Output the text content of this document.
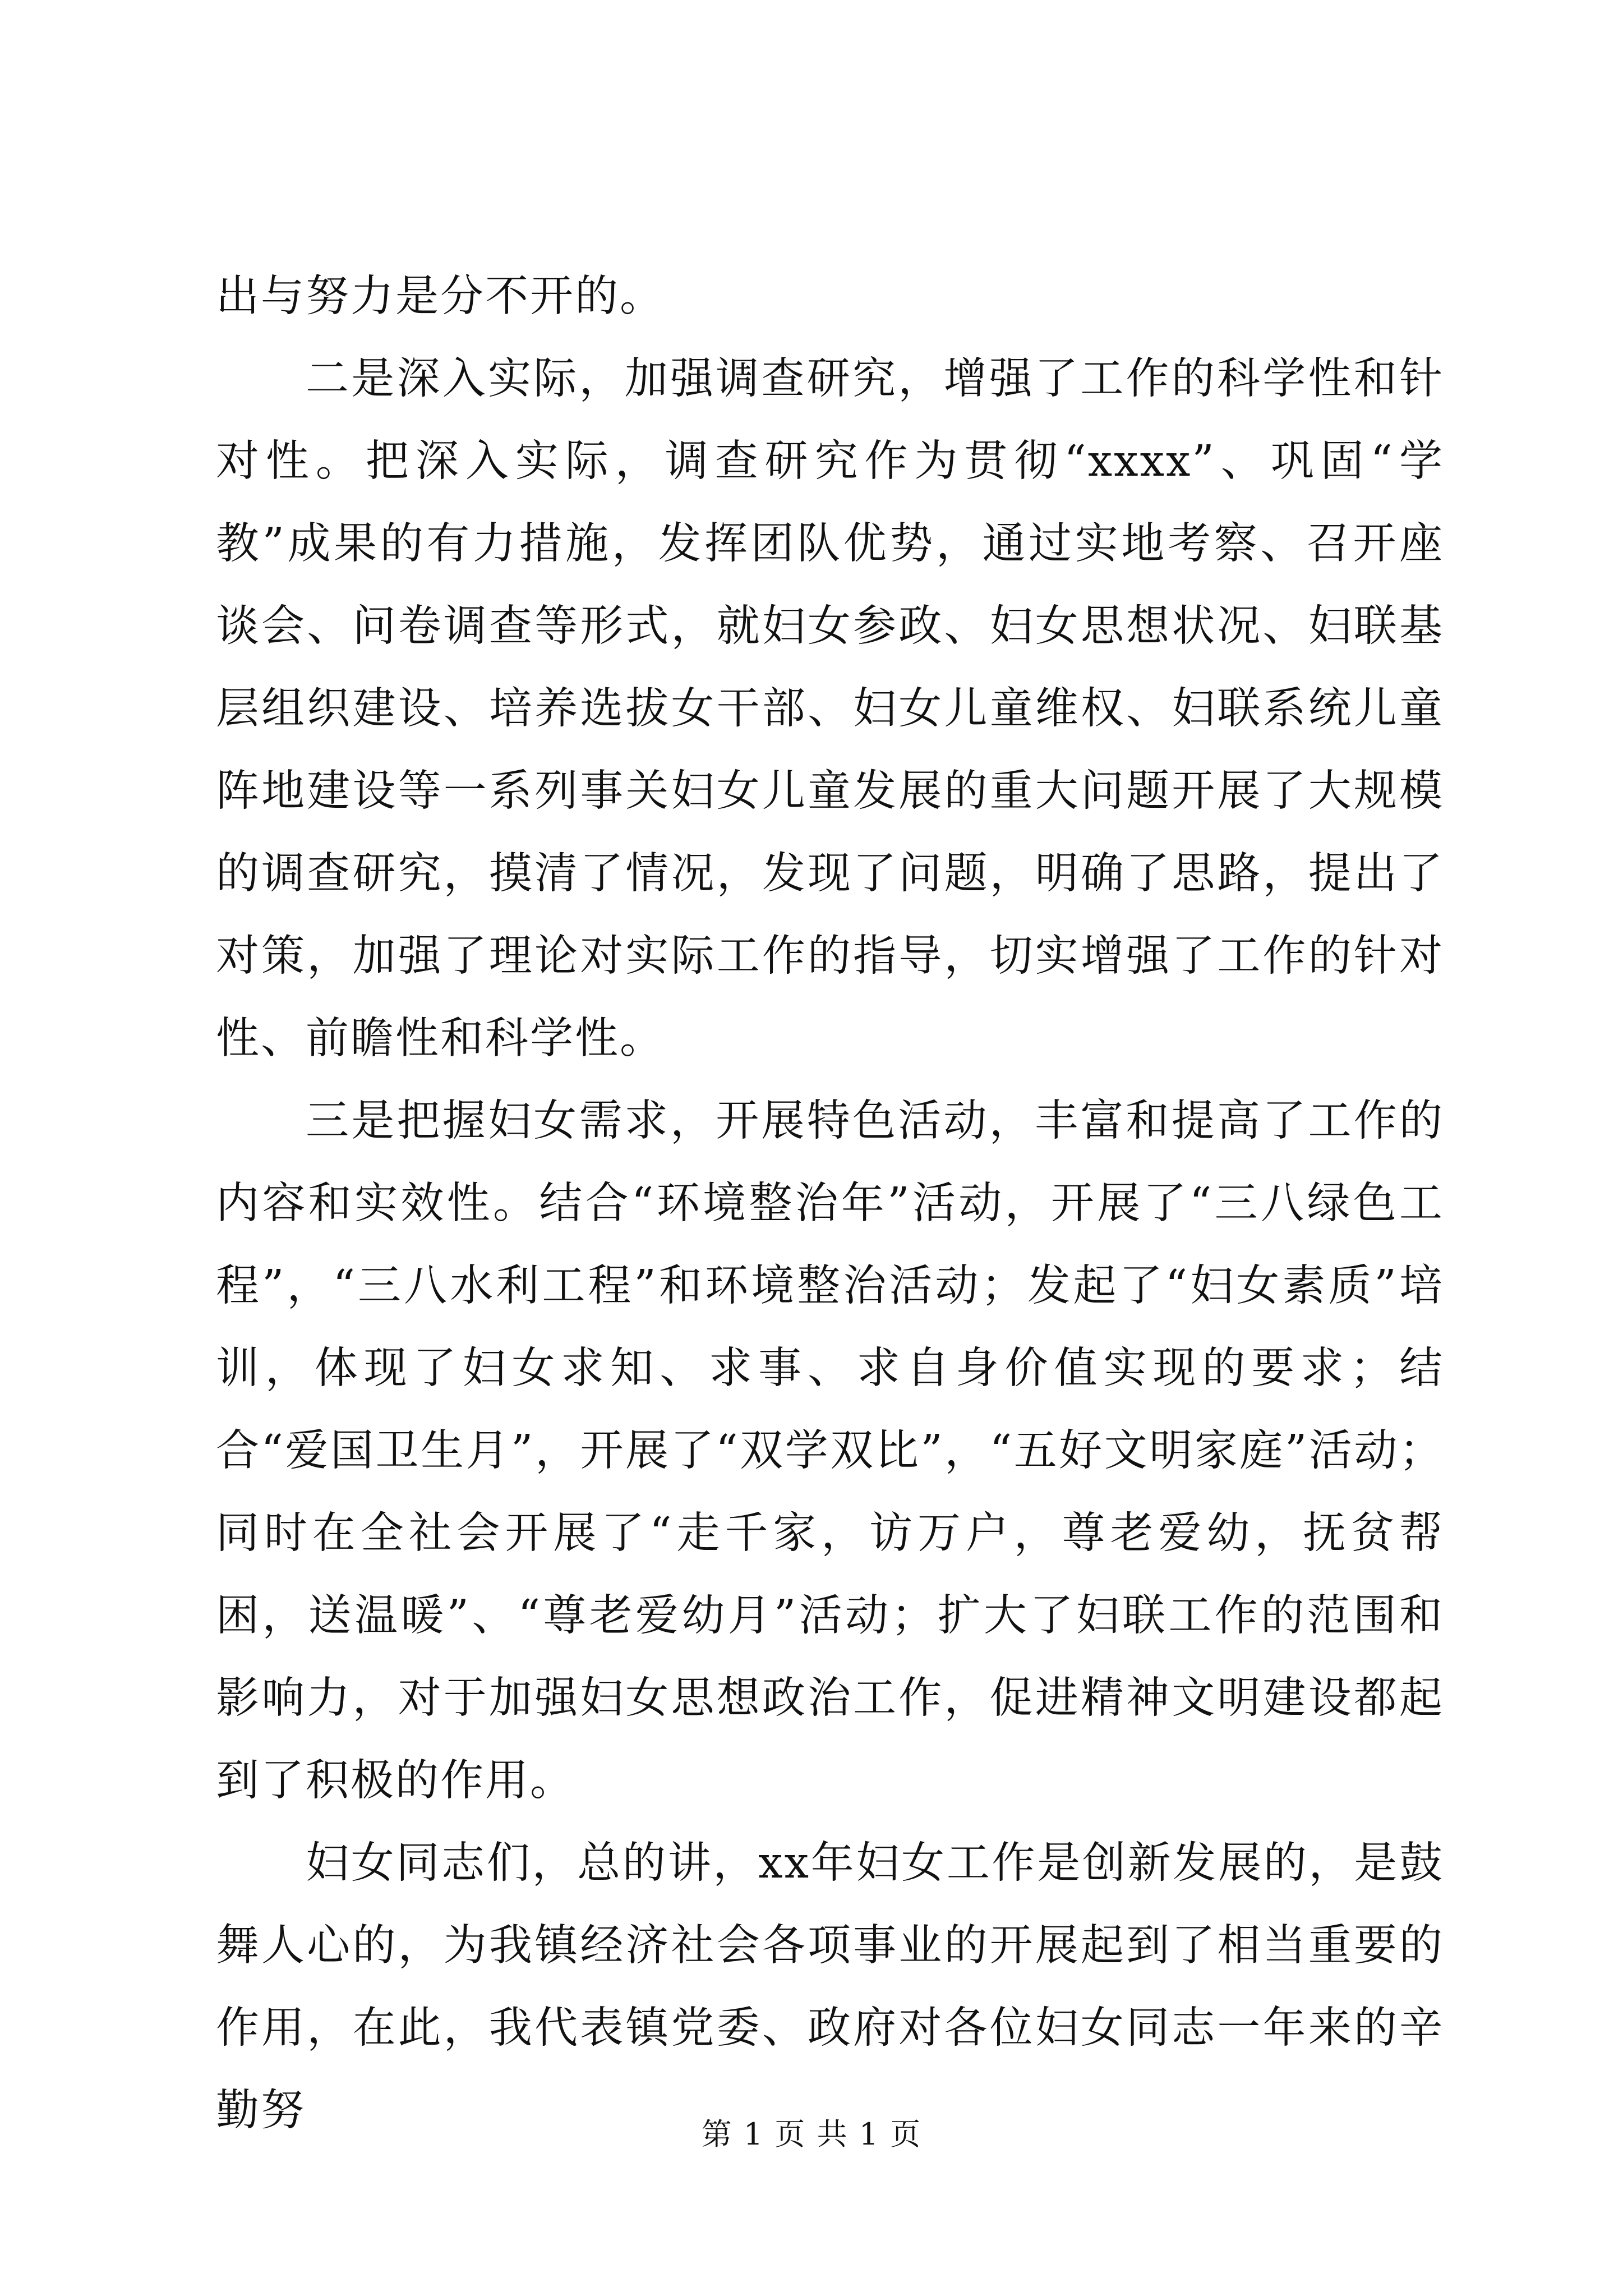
出与努力是分不开的。

二是深入实际，加强调查研究，增强了工作的科学性和针对性。把深入实际，调查研究作为贯彻“xxxx”、巩固“学教”成果的有力措施，发挥团队优势，通过实地考察、召开座谈会、问卷调查等形式，就妇女参政、妇女思想状况、妇联基层组织建设、培养选拔女干部、妇女儿童维权、妇联系统儿童阵地建设等一系列事关妇女儿童发展的重大问题开展了大规模的调查研究，摸清了情况，发现了问题，明确了思路，提出了对策，加强了理论对实际工作的指导，切实增强了工作的针对性、前瞻性和科学性。

三是把握妇女需求，开展特色活动，丰富和提高了工作的内容和实效性。结合“环境整治年”活动，开展了“三八绿色工程”，“三八水利工程”和环境整治活动；发起了“妇女素质”培训，体现了妇女求知、求事、求自身价值实现的要求；结合“爱国卫生月”，开展了“双学双比”，“五好文明家庭”活动；同时在全社会开展了“走千家，访万户，尊老爱幼，抚贫帮困，送温暖”、“尊老爱幼月”活动；扩大了妇联工作的范围和影响力，对于加强妇女思想政治工作，促进精神文明建设都起到了积极的作用。

妇女同志们，总的讲，xx年妇女工作是创新发展的，是鼓舞人心的，为我镇经济社会各项事业的开展起到了相当重要的作用，在此，我代表镇党委、政府对各位妇女同志一年来的辛勤努	第 1 页 共 1 页
